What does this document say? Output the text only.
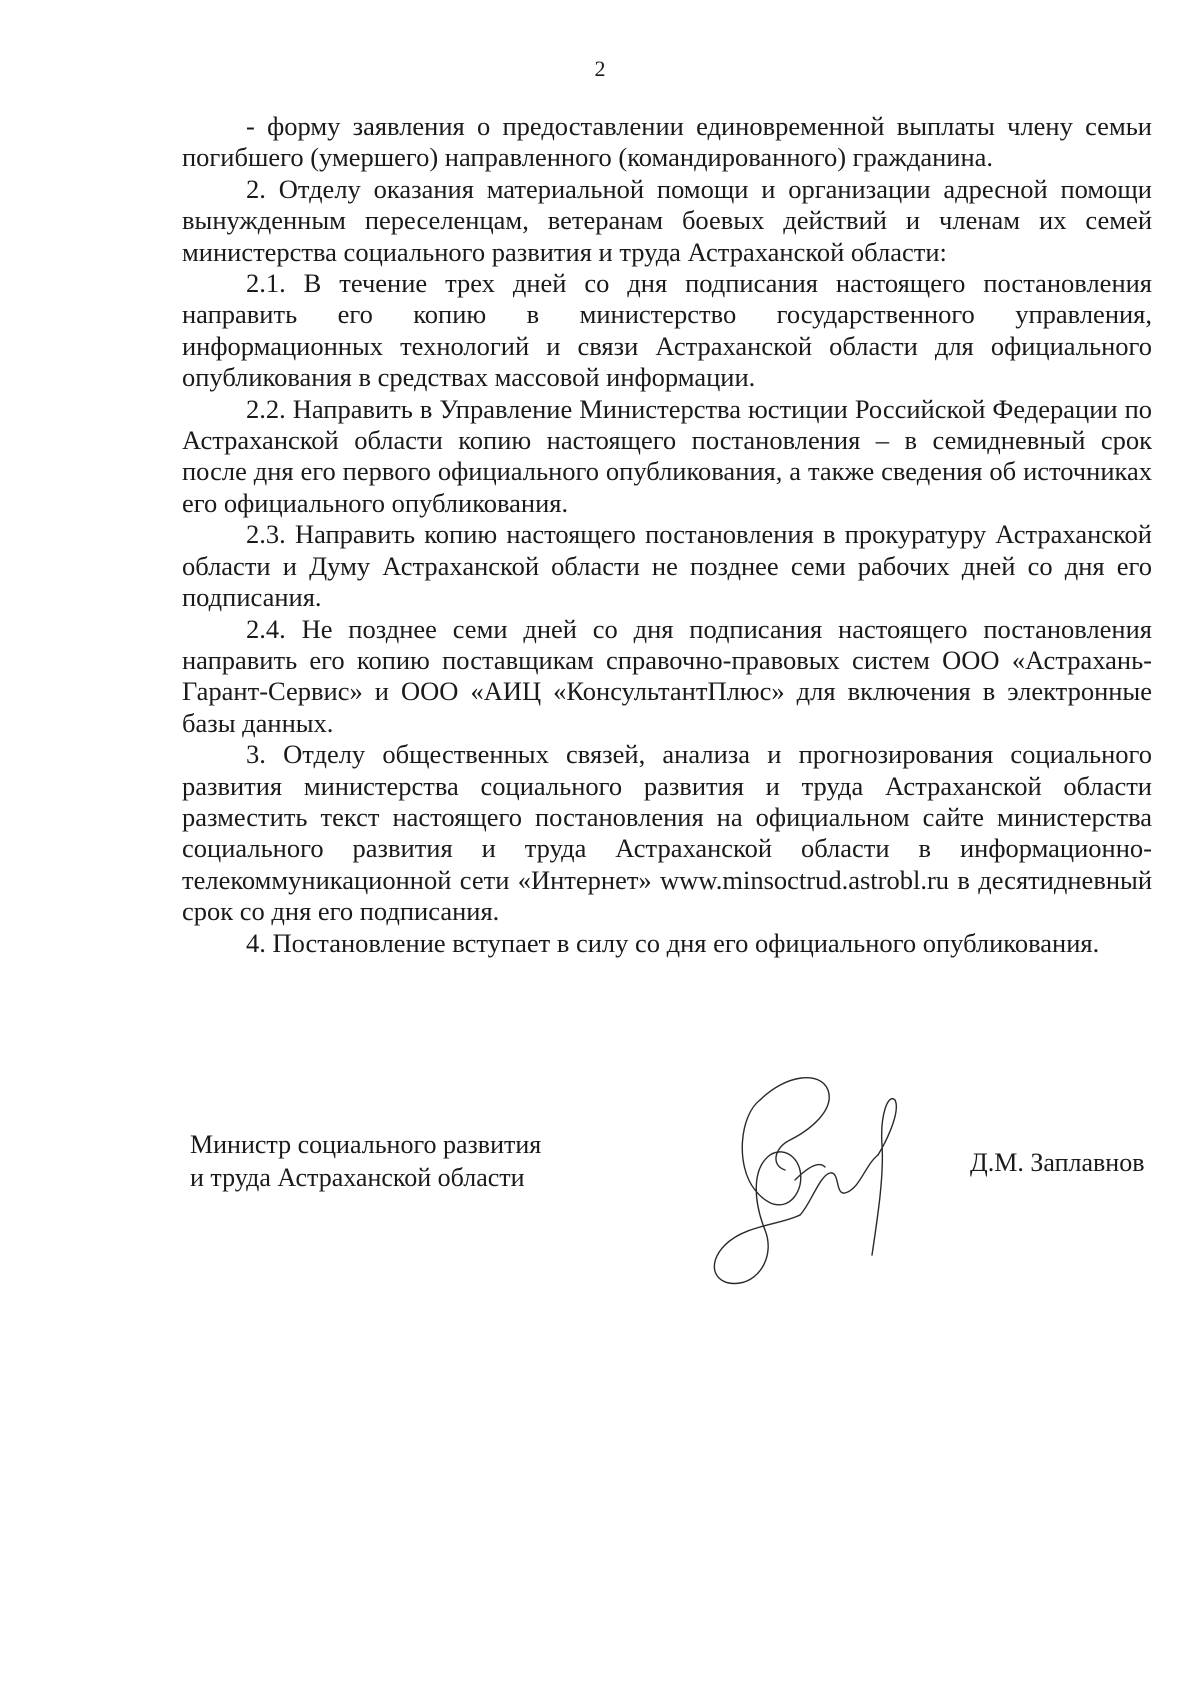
2

- форму заявления о предоставлении единовременной выплаты члену семьи погибшего (умершего) направленного (командированного) гражданина.

2. Отделу оказания материальной помощи и организации адресной помощи вынужденным переселенцам, ветеранам боевых действий и членам их семей министерства социального развития и труда Астраханской области:

2.1. В течение трех дней со дня подписания настоящего постановления направить его копию в министерство государственного управления, информационных технологий и связи Астраханской области для официального опубликования в средствах массовой информации.

2.2. Направить в Управление Министерства юстиции Российской Федерации по Астраханской области копию настоящего постановления – в семидневный срок после дня его первого официального опубликования, а также сведения об источниках его официального опубликования.

2.3. Направить копию настоящего постановления в прокуратуру Астраханской области и Думу Астраханской области не позднее семи рабочих дней со дня его подписания.

2.4. Не позднее семи дней со дня подписания настоящего постановления направить его копию поставщикам справочно-правовых систем ООО «Астрахань-Гарант-Сервис» и ООО «АИЦ «КонсультантПлюс» для включения в электронные базы данных.

3. Отделу общественных связей, анализа и прогнозирования социального развития министерства социального развития и труда Астраханской области разместить текст настоящего постановления на официальном сайте министерства социального развития и труда Астраханской области в информационно-телекоммуникационной сети «Интернет» www.minsoctrud.astrobl.ru в десятидневный срок со дня его подписания.

4. Постановление вступает в силу со дня его официального опубликования.

Министр социального развития
и труда Астраханской области
Д.М. Заплавнов
